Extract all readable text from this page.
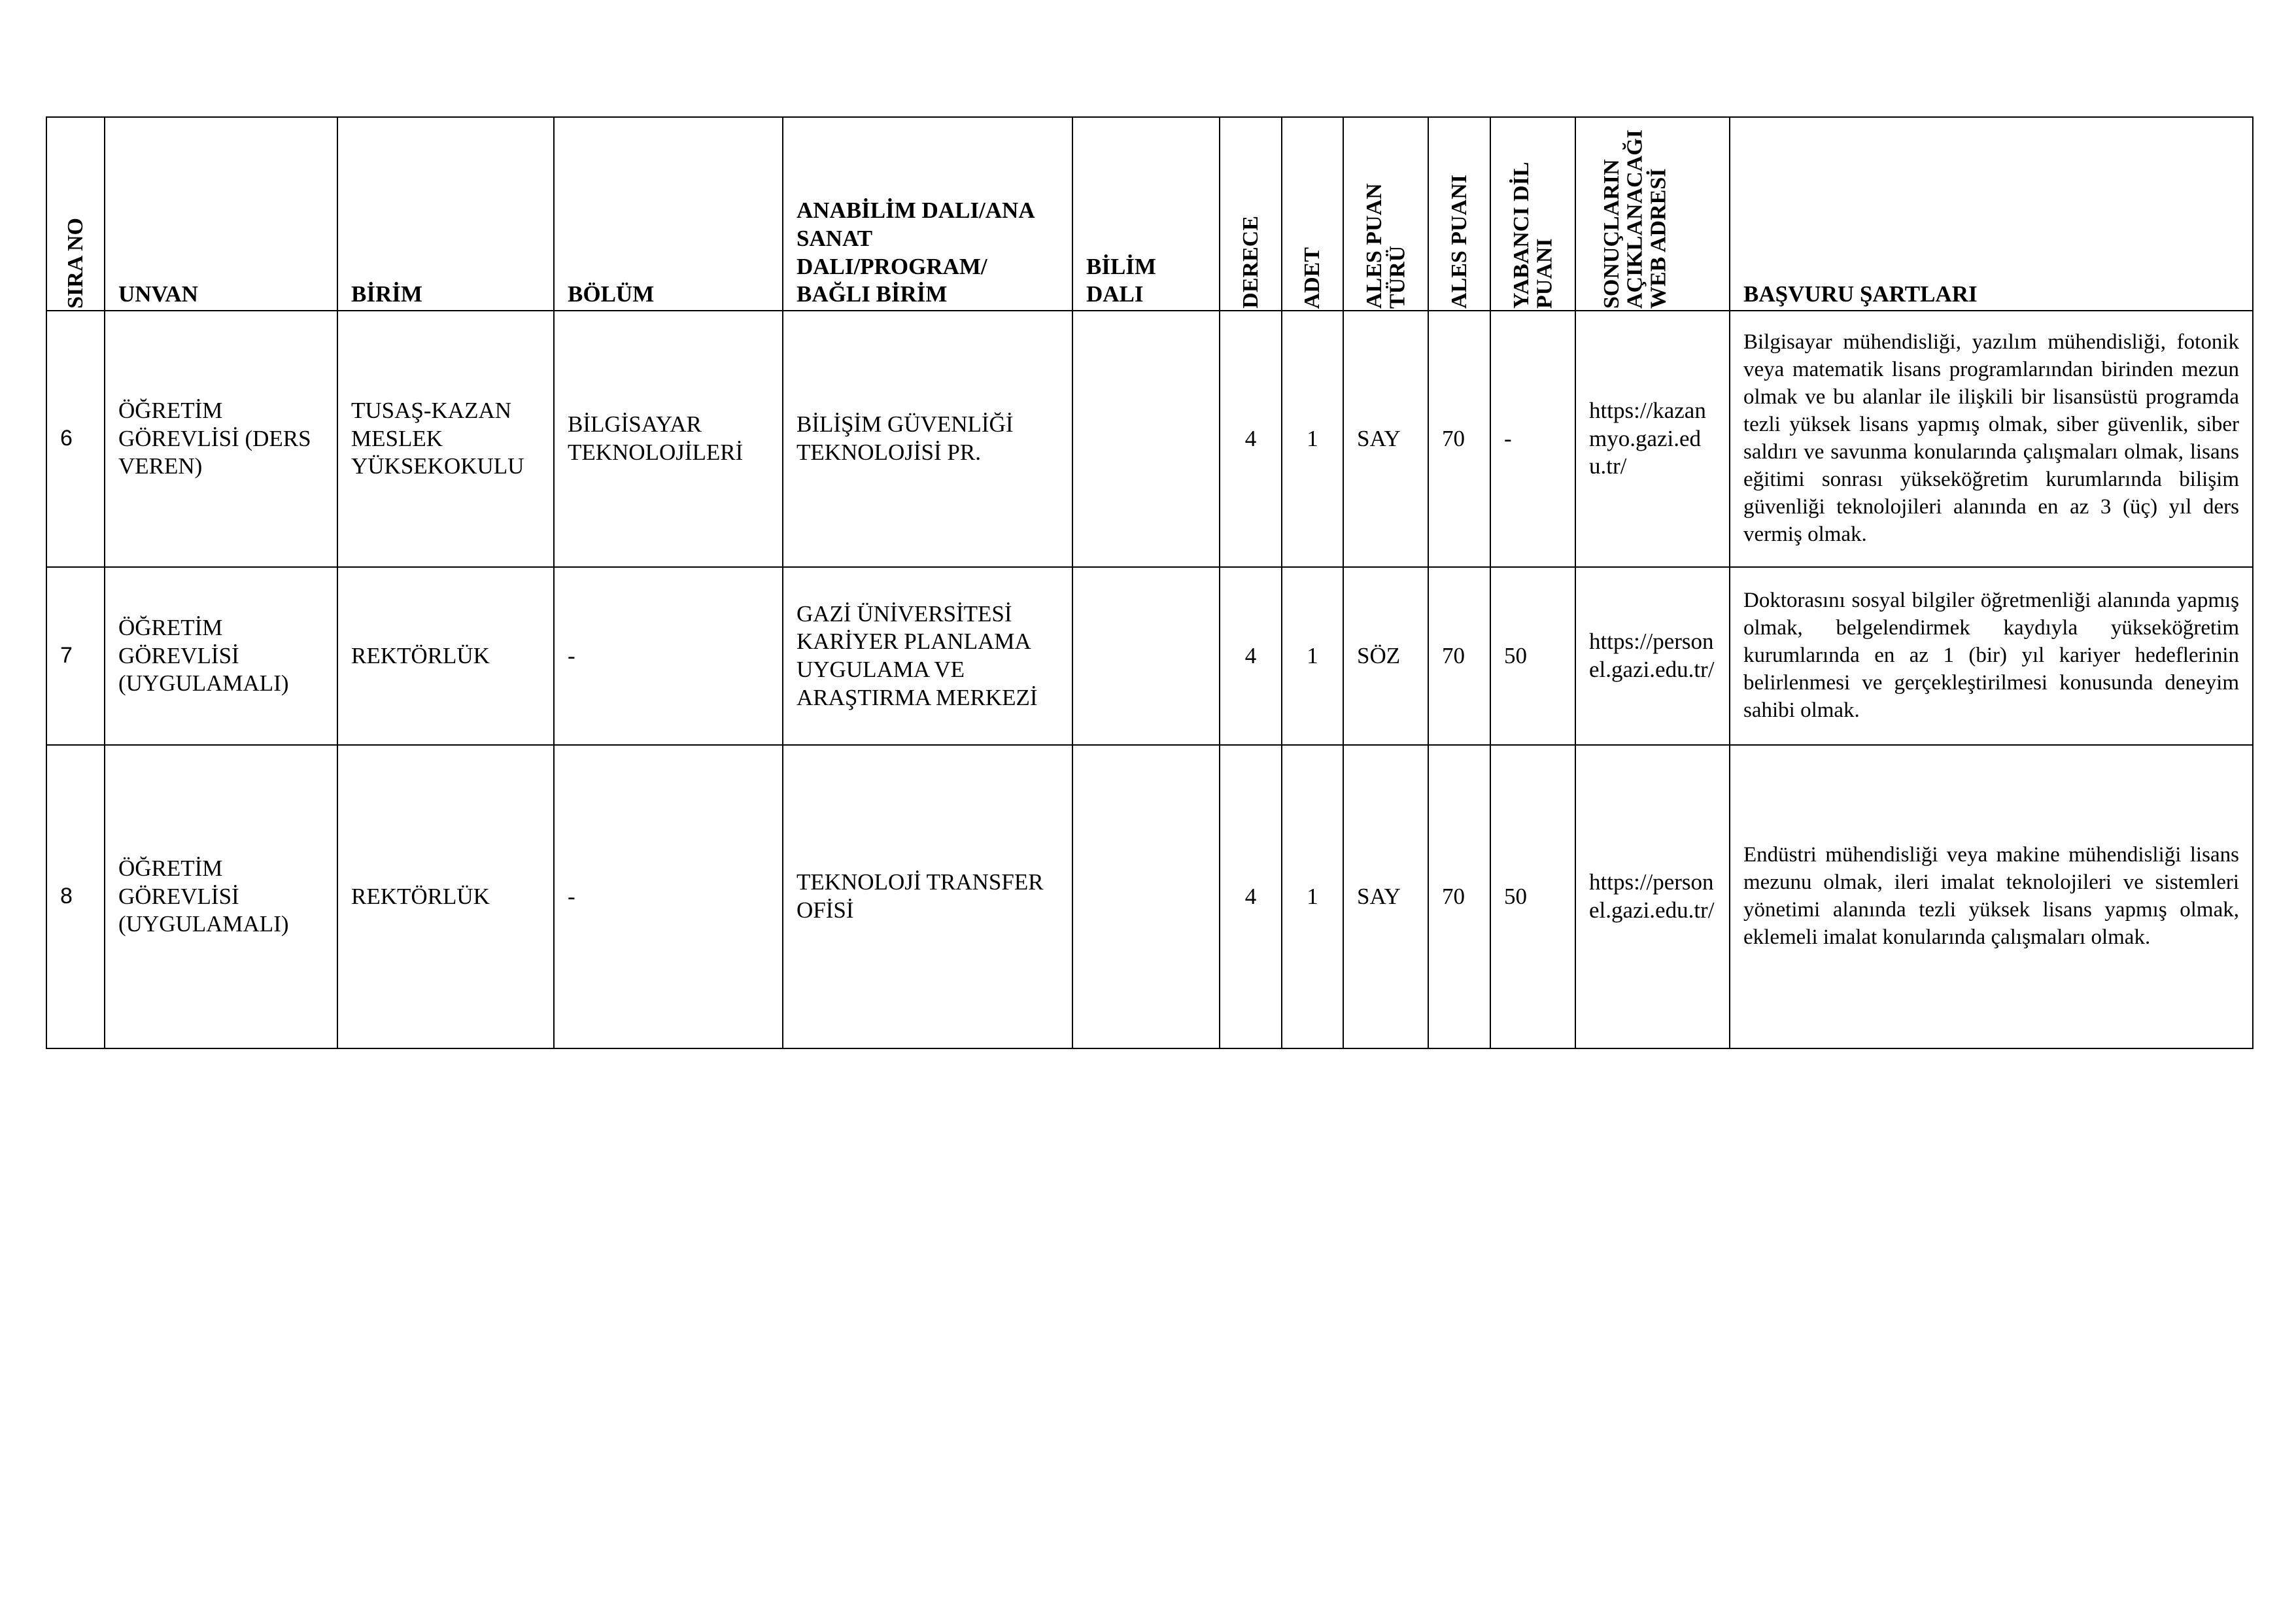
SIRA NO	UNVAN	BİRİM	BÖLÜM	ANABİLİM DALI/ANA SANAT DALI/PROGRAM/ BAĞLI BİRİM	BİLİM DALI	DERECE	ADET	ALES PUAN TÜRÜ	ALES PUANI	YABANCI DİL PUANI	SONUÇLARIN AÇIKLANACAĞI WEB ADRESİ	BAŞVURU ŞARTLARI

6	ÖĞRETİM GÖREVLİSİ (DERS VEREN)	TUSAŞ-KAZAN MESLEK YÜKSEKOKULU	BİLGİSAYAR TEKNOLOJİLERİ	BİLİŞİM GÜVENLİĞİ TEKNOLOJİSİ PR.		4	1	SAY	70	-	https://kazanmyo.gazi.edu.tr/	Bilgisayar mühendisliği, yazılım mühendisliği, fotonik veya matematik lisans programlarından birinden mezun olmak ve bu alanlar ile ilişkili bir lisansüstü programda tezli yüksek lisans yapmış olmak, siber güvenlik, siber saldırı ve savunma konularında çalışmaları olmak, lisans eğitimi sonrası yükseköğretim kurumlarında bilişim güvenliği teknolojileri alanında en az 3 (üç) yıl ders vermiş olmak.

7	ÖĞRETİM GÖREVLİSİ (UYGULAMALI)	REKTÖRLÜK	-	GAZİ ÜNİVERSİTESİ KARİYER PLANLAMA UYGULAMA VE ARAŞTIRMA MERKEZİ		4	1	SÖZ	70	50	https://personel.gazi.edu.tr/	Doktorasını sosyal bilgiler öğretmenliği alanında yapmış olmak, belgelendirmek kaydıyla yükseköğretim kurumlarında en az 1 (bir) yıl kariyer hedeflerinin belirlenmesi ve gerçekleştirilmesi konusunda deneyim sahibi olmak.

8	ÖĞRETİM GÖREVLİSİ (UYGULAMALI)	REKTÖRLÜK	-	TEKNOLOJİ TRANSFER OFİSİ		4	1	SAY	70	50	https://personel.gazi.edu.tr/	Endüstri mühendisliği veya makine mühendisliği lisans mezunu olmak, ileri imalat teknolojileri ve sistemleri yönetimi alanında tezli yüksek lisans yapmış olmak, eklemeli imalat konularında çalışmaları olmak.
